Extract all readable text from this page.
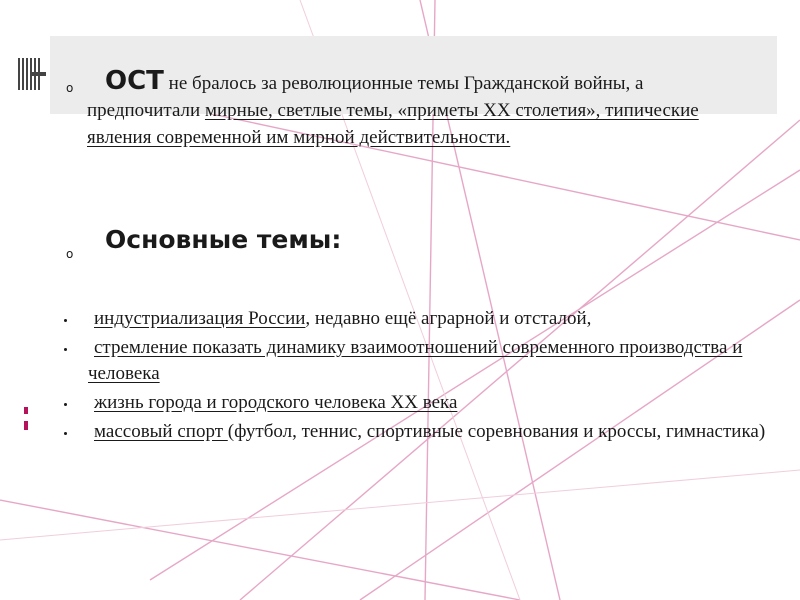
o	ОСТ не бралось за революционные темы Гражданской войны, а предпочитали мирные, светлые темы, «приметы XX столетия», типические явления современной им мирной действительности.
o Основные темы:
индустриализация России, недавно ещё аграрной и отсталой,
стремление показать динамику взаимоотношений современного производства и человека
жизнь города и городского человека XX века
массовый спорт (футбол, теннис, спортивные соревнования и кроссы, гимнастика)
